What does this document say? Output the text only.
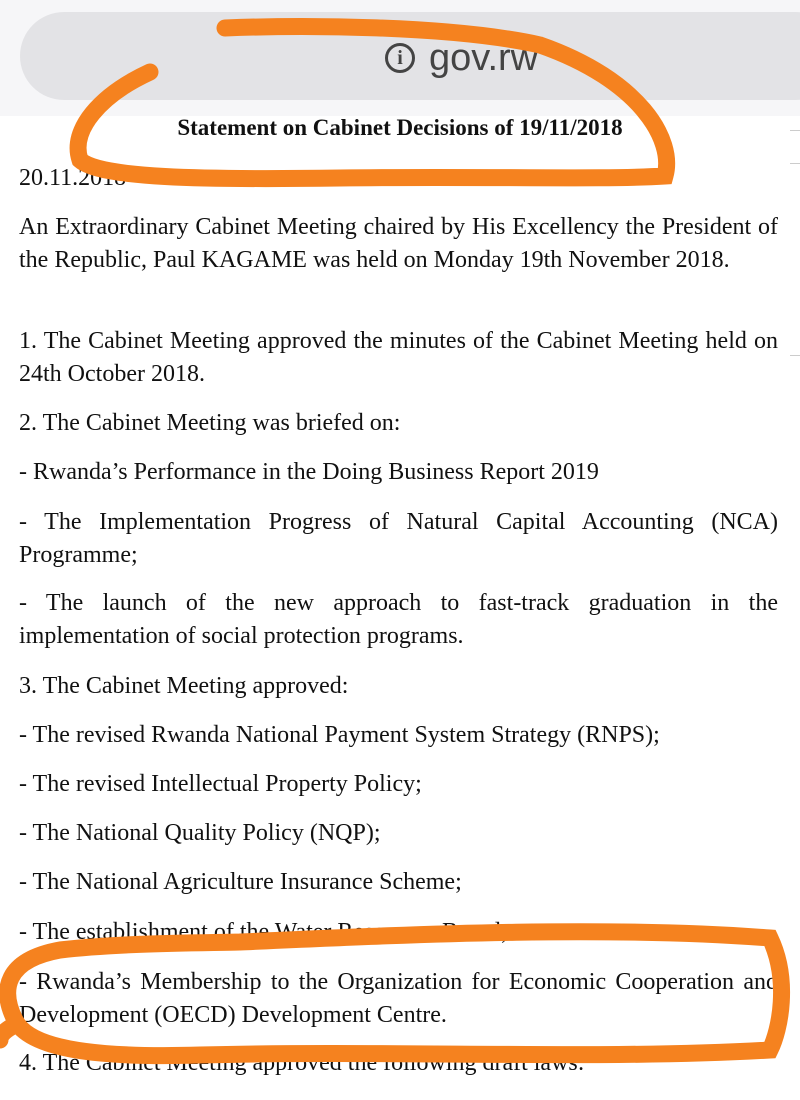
i gov.rw
Statement on Cabinet Decisions of 19/11/2018
20.11.2018
An Extraordinary Cabinet Meeting chaired by His Excellency the President of the Republic, Paul KAGAME was held on Monday 19th November 2018.
1. The Cabinet Meeting approved the minutes of the Cabinet Meeting held on 24th October 2018.
2. The Cabinet Meeting was briefed on:
- Rwanda’s Performance in the Doing Business Report 2019
- The Implementation Progress of Natural Capital Accounting (NCA) Programme;
- The launch of the new approach to fast-track graduation in the implementation of social protection programs.
3. The Cabinet Meeting approved:
- The revised Rwanda National Payment System Strategy (RNPS);
- The revised Intellectual Property Policy;
- The National Quality Policy (NQP);
- The National Agriculture Insurance Scheme;
- The establishment of the Water Resources Board;
- Rwanda’s Membership to the Organization for Economic Cooperation and Development (OECD) Development Centre.
4. The Cabinet Meeting approved the following draft laws:
